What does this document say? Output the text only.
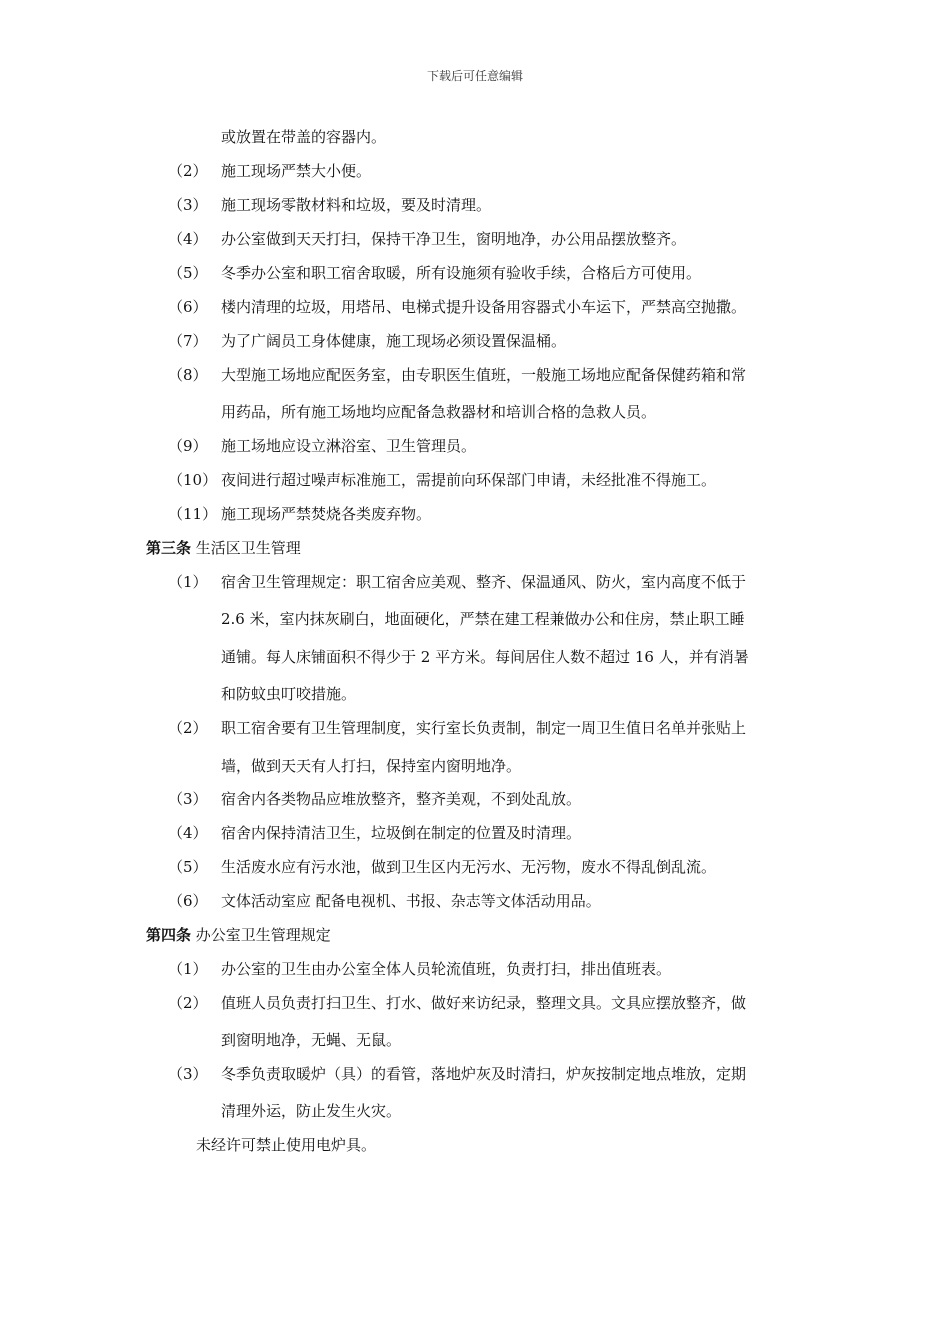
下载后可任意编辑
或放置在带盖的容器内。
（2） 施工现场严禁大小便。
（3） 施工现场零散材料和垃圾，要及时清理。
（4） 办公室做到天天打扫，保持干净卫生，窗明地净，办公用品摆放整齐。
（5） 冬季办公室和职工宿舍取暖，所有设施须有验收手续，合格后方可使用。
（6） 楼内清理的垃圾，用塔吊、电梯式提升设备用容器式小车运下，严禁高空抛撒。
（7） 为了广阔员工身体健康，施工现场必须设置保温桶。
（8） 大型施工场地应配医务室，由专职医生值班，一般施工场地应配备保健药箱和常
用药品，所有施工场地均应配备急救器材和培训合格的急救人员。
（9） 施工场地应设立淋浴室、卫生管理员。
（10） 夜间进行超过噪声标准施工，需提前向环保部门申请，未经批准不得施工。
（11） 施工现场严禁焚烧各类废弃物。
第三条 生活区卫生管理
（1） 宿舍卫生管理规定：职工宿舍应美观、整齐、保温通风、防火，室内高度不低于
2.6 米，室内抹灰刷白，地面硬化，严禁在建工程兼做办公和住房，禁止职工睡
通铺。每人床铺面积不得少于 2 平方米。每间居住人数不超过 16 人，并有消暑
和防蚊虫叮咬措施。
（2） 职工宿舍要有卫生管理制度，实行室长负责制，制定一周卫生值日名单并张贴上
墙，做到天天有人打扫，保持室内窗明地净。
（3） 宿舍内各类物品应堆放整齐，整齐美观，不到处乱放。
（4） 宿舍内保持清洁卫生，垃圾倒在制定的位置及时清理。
（5） 生活废水应有污水池，做到卫生区内无污水、无污物，废水不得乱倒乱流。
（6） 文体活动室应 配备电视机、书报、杂志等文体活动用品。
第四条 办公室卫生管理规定
（1） 办公室的卫生由办公室全体人员轮流值班，负责打扫，排出值班表。
（2） 值班人员负责打扫卫生、打水、做好来访纪录，整理文具。文具应摆放整齐，做
到窗明地净，无蝇、无鼠。
（3） 冬季负责取暖炉（具）的看管，落地炉灰及时清扫，炉灰按制定地点堆放，定期
清理外运，防止发生火灾。
未经许可禁止使用电炉具。
